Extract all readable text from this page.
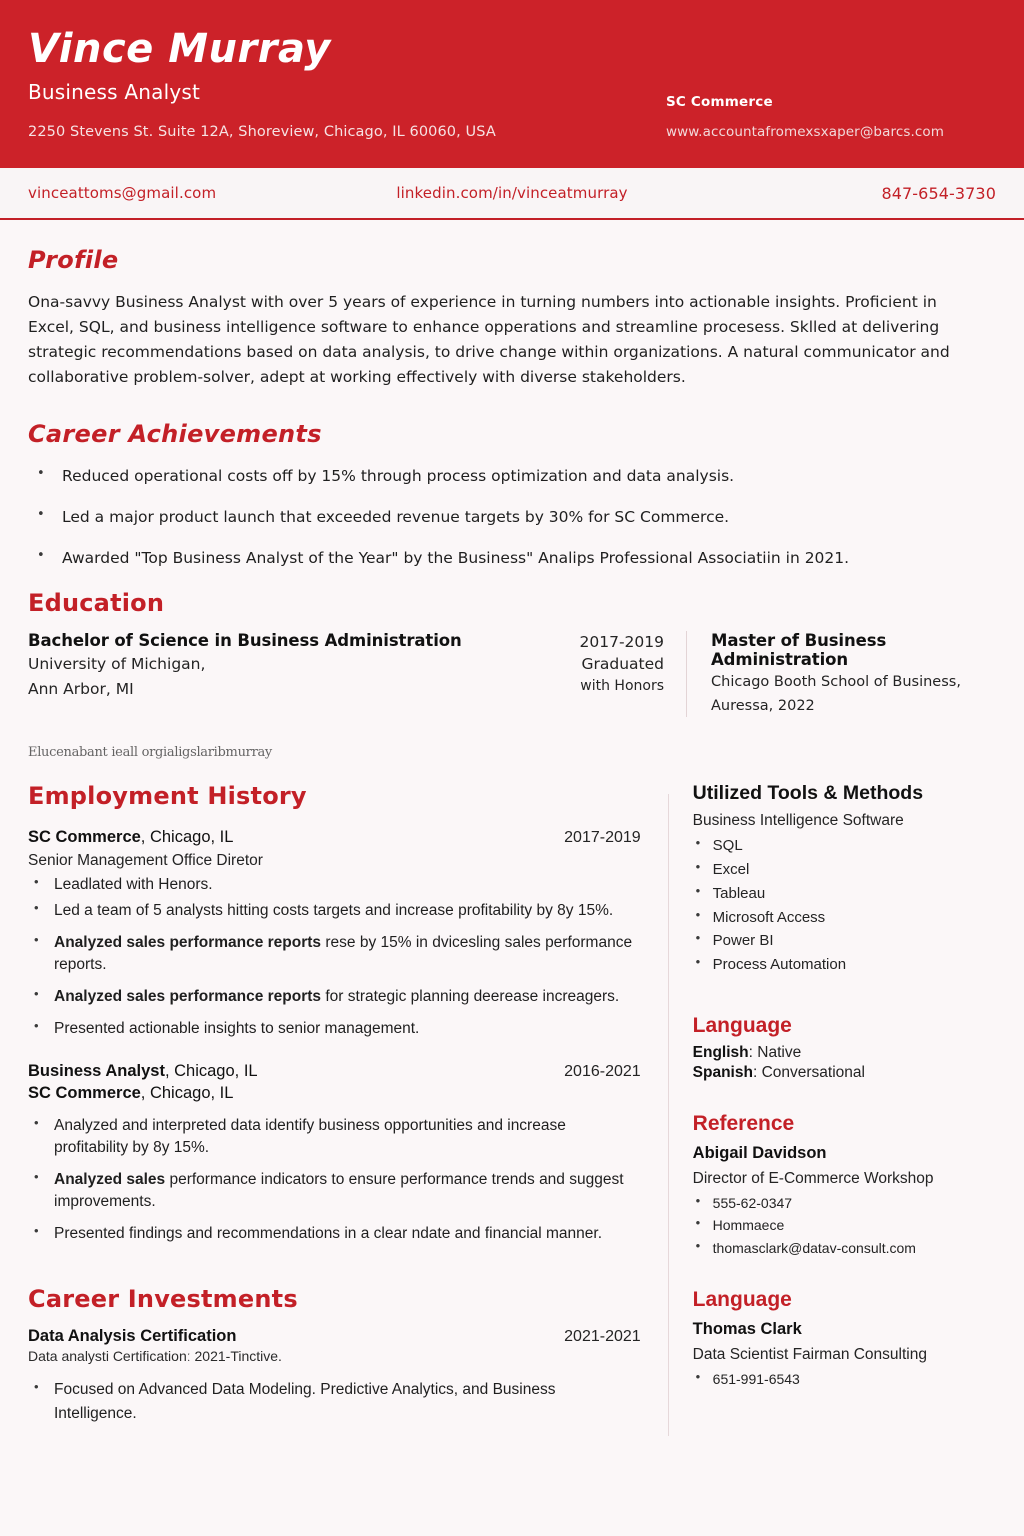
Vince Murray
Business Analyst
2250 Stevens St. Suite 12A, Shoreview, Chicago, IL 60060, USA
SC Commerce
www.accountafromexsxaper@barcs.com
vinceattoms@gmail.com	linkedin.com/in/vinceatmurray	847-654-3730
Profile
Ona-savvy Business Analyst with over 5 years of experience in turning numbers into actionable insights. Proficient in Excel, SQL, and business intelligence software to enhance opperations and streamline procesess. Sklled at delivering strategic recommendations based on data analysis, to drive change within organizations. A natural communicator and collaborative problem-solver, adept at working effectively with diverse stakeholders.
Career Achievements
• Reduced operational costs off by 15% through process optimization and data analysis.
• Led a major product launch that exceeded revenue targets by 30% for SC Commerce.
• Awarded "Top Business Analyst of the Year" by the Business" Analips Professional Associatiin in 2021.
Education
Bachelor of Science in Business Administration
University of Michigan,
Ann Arbor, MI
2017-2019
Graduated
with Honors
Master of Business Administration
Chicago Booth School of Business,
Auressa, 2022
Elucenabant ieall orgialigslaribmurray
Employment History
SC Commerce, Chicago, IL	2017-2019
Senior Management Office Diretor
• Leadlated with Henors.
• Led a team of 5 analysts hitting costs targets and increase profitability by 8y 15%.
• Analyzed sales performance reports rese by 15% in dvicesling sales performance reports.
• Analyzed sales performance reports for strategic planning deerease increagers.
• Presented actionable insights to senior management.
Business Analyst, Chicago, IL	2016-2021
SC Commerce, Chicago, IL
• Analyzed and interpreted data identify business opportunities and increase profitability by 8y 15%.
• Analyzed sales performance indicators to ensure performance trends and suggest improvements.
• Presented findings and recommendations in a clear ndate and financial manner.
Career Investments
Data Analysis Certification	2021-2021
Data analysti Certificationː 2021-Tinctive.
• Focused on Advanced Data Modeling. Predictive Analytics, and Business Intelligence.
Utilized Tools & Methods
Business Intelligence Software
• SQL
• Excel
• Tableau
• Microsoft Access
• Power BI
• Process Automation
Language
English: Native
Spanish: Conversational
Reference
Abigail Davidson
Director of E-Commerce Workshop
• 555-62-0347
• Hommaece
• thomasclark@datav-consult.com
Language
Thomas Clark
Data Scientist Fairman Consulting
• 651-991-6543
